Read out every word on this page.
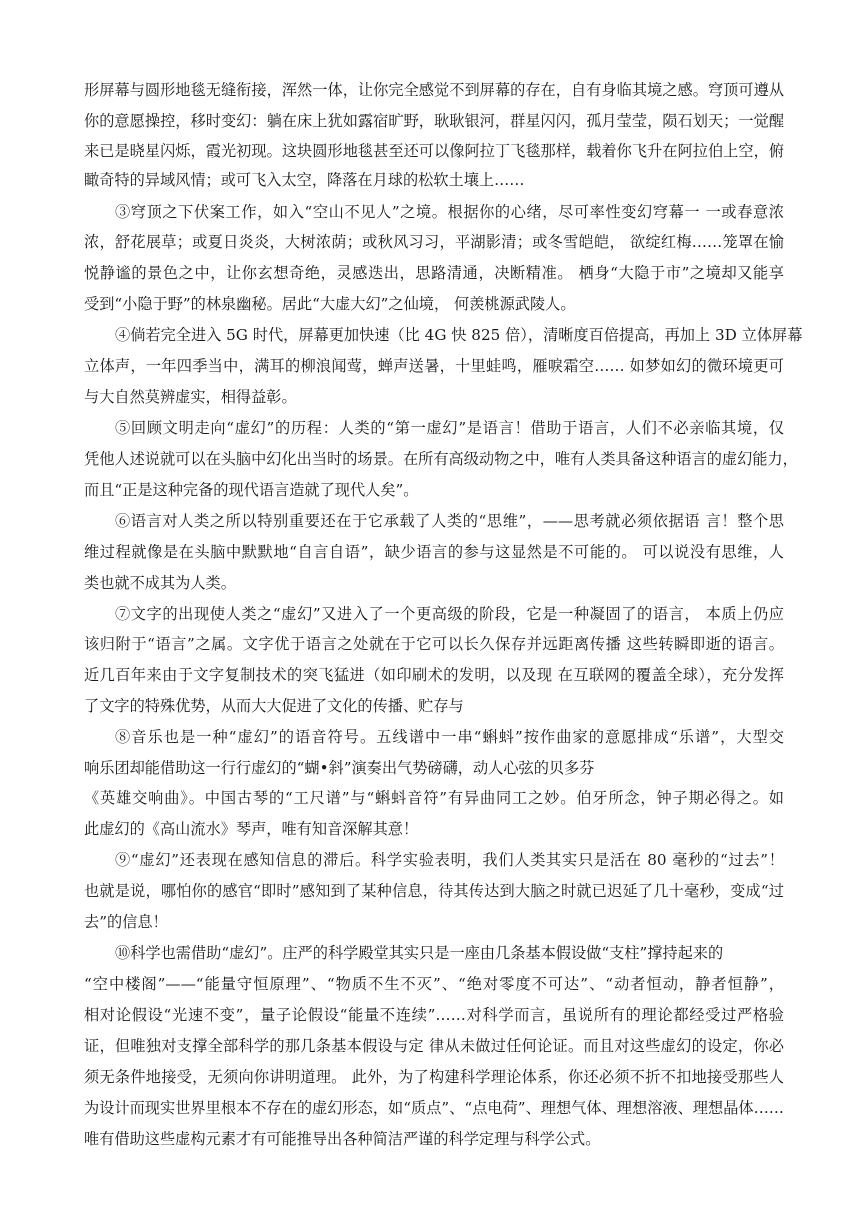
形屏幕与圆形地毯无缝衔接，浑然一体，让你完全感觉不到屏幕的存在，自有身临其境之感。穹顶可遵从
你的意愿操控，移时变幻：躺在床上犹如露宿旷野，耿耿银河，群星闪闪，孤月莹莹，陨石划天；一觉醒
来已是晓星闪烁，霞光初现。这块圆形地毯甚至还可以像阿拉丁飞毯那样，载着你飞升在阿拉伯上空，俯
瞰奇特的异域风情；或可飞入太空，降落在月球的松软土壤上……
③穹顶之下伏案工作，如入“空山不见人”之境。根据你的心绪，尽可率性变幻穹幕一 一或春意浓
浓，舒花展草；或夏日炎炎，大树浓荫；或秋风习习，平湖影清；或冬雪皑皑， 欲绽红梅……笼罩在愉
悦静谧的景色之中，让你玄想奇绝，灵感迭出，思路清通，决断精准。 栖身“大隐于市”之境却又能享
受到“小隐于野”的林泉幽秘。居此“大虚大幻”之仙境， 何羡桃源武陵人。
④倘若完全进入 5G 时代，屏幕更加快速（比 4G 快 825 倍），清晰度百倍提高，再加上 3D 立体屏幕
立体声，一年四季当中，满耳的柳浪闻莺，蝉声送暑，十里蛙鸣，雁唳霜空…… 如梦如幻的微环境更可
与大自然莫辨虚实，相得益彰。
⑤回顾文明走向“虚幻”的历程：人类的“第一虚幻”是语言！借助于语言，人们不必亲临其境，仅
凭他人述说就可以在头脑中幻化出当时的场景。在所有高级动物之中，唯有人类具备这种语言的虚幻能力，
而且“正是这种完备的现代语言造就了现代人矣”。
⑥语言对人类之所以特别重要还在于它承载了人类的“思维”，——思考就必须依据语 言！整个思
维过程就像是在头脑中默默地“自言自语”，缺少语言的参与这显然是不可能的。 可以说没有思维，人
类也就不成其为人类。
⑦文字的出现使人类之“虚幻”又进入了一个更高级的阶段，它是一种凝固了的语言， 本质上仍应
该归附于“语言”之属。文字优于语言之处就在于它可以长久保存并远距离传播 这些转瞬即逝的语言。
近几百年来由于文字复制技术的突飞猛进（如印刷术的发明，以及现 在互联网的覆盖全球），充分发挥
了文字的特殊优势，从而大大促进了文化的传播、贮存与
⑧音乐也是一种“虚幻”的语音符号。五线谱中一串“蝌蚪”按作曲家的意愿排成“乐谱”，大型交
响乐团却能借助这一行行虚幻的“蝴•斜”演奏出气势磅礴，动人心弦的贝多芬
《英雄交响曲》。中国古琴的“工尺谱”与“蝌蚪音符”有异曲同工之妙。伯牙所念，钟子期必得之。如
此虚幻的《高山流水》琴声，唯有知音深解其意！
⑨“虚幻”还表现在感知信息的滞后。科学实验表明，我们人类其实只是活在 80 毫秒的“过去”！
也就是说，哪怕你的感官“即时”感知到了某种信息，待其传达到大脑之时就已迟延了几十毫秒，变成“过
去”的信息！
⑩科学也需借助“虚幻”。庄严的科学殿堂其实只是一座由几条基本假设做“支柱”撑持起来的
“空中楼阁”——“能量守恒原理”、“物质不生不灭”、“绝对零度不可达”、“动者恒动，静者恒静”，
相对论假设“光速不变”，量子论假设“能量不连续”……对科学而言，虽说所有的理论都经受过严格验
证，但唯独对支撑全部科学的那几条基本假设与定 律从未做过任何论证。而且对这些虚幻的设定，你必
须无条件地接受，无须向你讲明道理。 此外，为了构建科学理论体系，你还必须不折不扣地接受那些人
为设计而现实世界里根本不存在的虚幻形态，如“质点”、“点电荷”、理想气体、理想溶液、理想晶体……
唯有借助这些虚构元素才有可能推导出各种简洁严谨的科学定理与科学公式。
